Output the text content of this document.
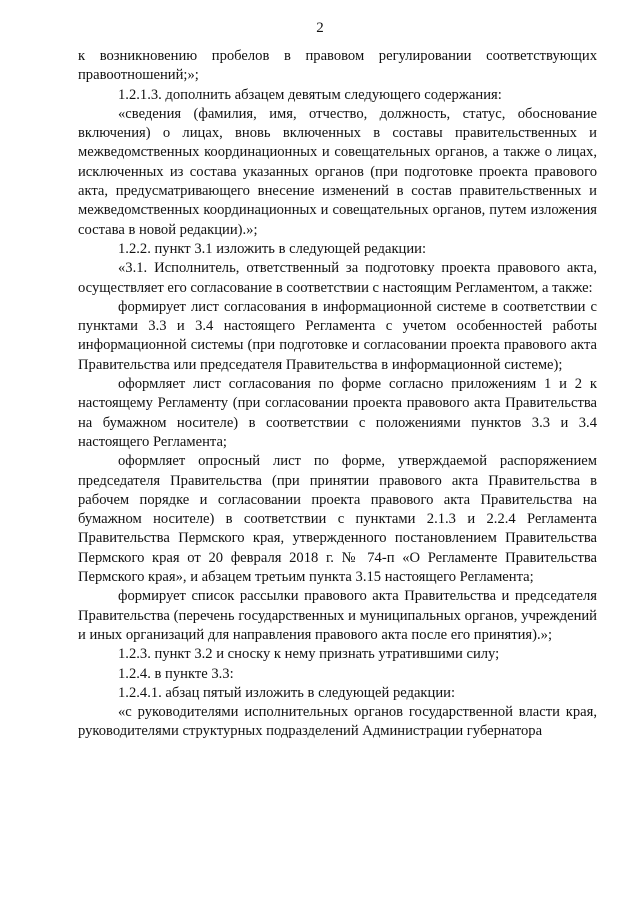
2

к возникновению пробелов в правовом регулировании соответствующих правоотношений;»;

1.2.1.3. дополнить абзацем девятым следующего содержания:

«сведения (фамилия, имя, отчество, должность, статус, обоснование включения) о лицах, вновь включенных в составы правительственных и межведомственных координационных и совещательных органов, а также о лицах, исключенных из состава указанных органов (при подготовке проекта правового акта, предусматривающего внесение изменений в состав правительственных и межведомственных координационных и совещательных органов, путем изложения состава в новой редакции).»;

1.2.2. пункт 3.1 изложить в следующей редакции:

«3.1. Исполнитель, ответственный за подготовку проекта правового акта, осуществляет его согласование в соответствии с настоящим Регламентом, а также:

формирует лист согласования в информационной системе в соответствии с пунктами 3.3 и 3.4 настоящего Регламента с учетом особенностей работы информационной системы (при подготовке и согласовании проекта правового акта Правительства или председателя Правительства в информационной системе);

оформляет лист согласования по форме согласно приложениям 1 и 2 к настоящему Регламенту (при согласовании проекта правового акта Правительства на бумажном носителе) в соответствии с положениями пунктов 3.3 и 3.4 настоящего Регламента;

оформляет опросный лист по форме, утверждаемой распоряжением председателя Правительства (при принятии правового акта Правительства в рабочем порядке и согласовании проекта правового акта Правительства на бумажном носителе) в соответствии с пунктами 2.1.3 и 2.2.4 Регламента Правительства Пермского края, утвержденного постановлением Правительства Пермского края от 20 февраля 2018 г. № 74-п «О Регламенте Правительства Пермского края», и абзацем третьим пункта 3.15 настоящего Регламента;

формирует список рассылки правового акта Правительства и председателя Правительства (перечень государственных и муниципальных органов, учреждений и иных организаций для направления правового акта после его принятия).»;

1.2.3. пункт 3.2 и сноску к нему признать утратившими силу;

1.2.4. в пункте 3.3:

1.2.4.1. абзац пятый изложить в следующей редакции:

«с руководителями исполнительных органов государственной власти края, руководителями структурных подразделений Администрации губернатора
